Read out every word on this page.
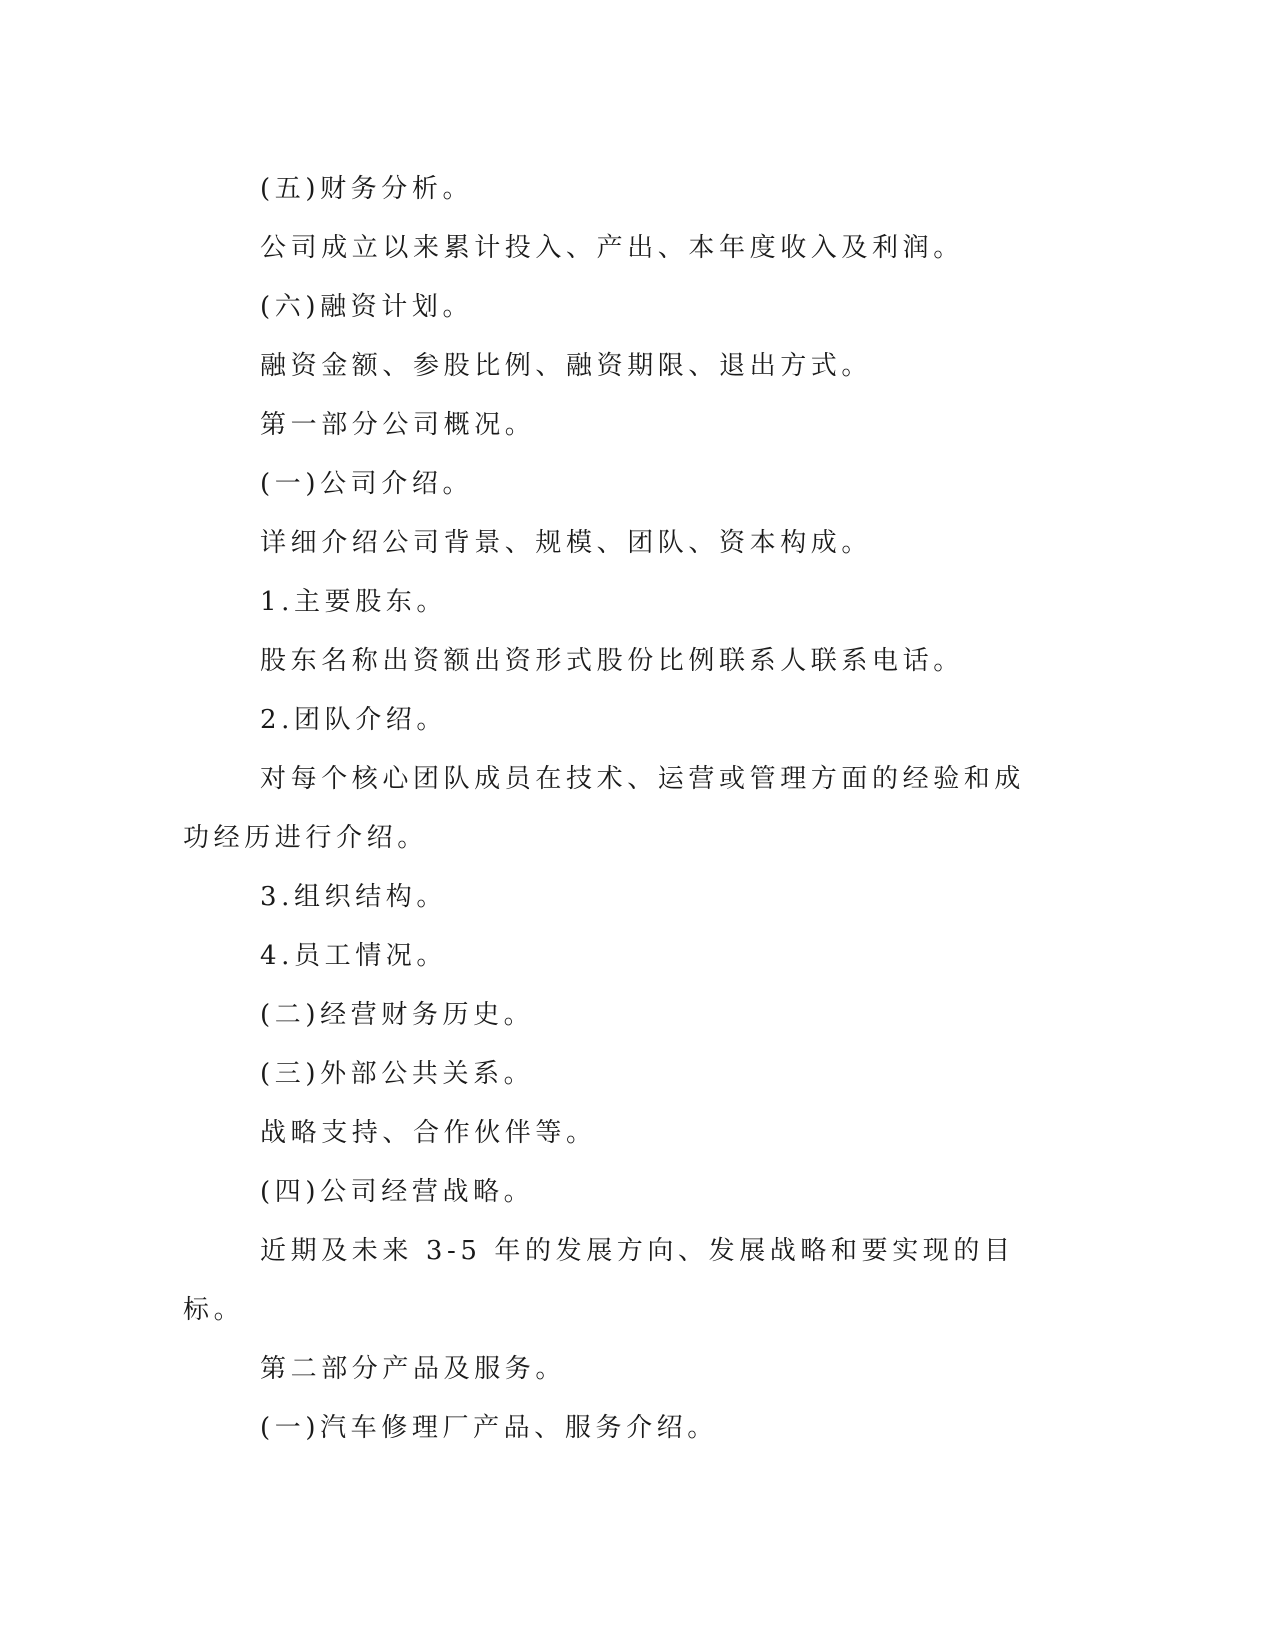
(五)财务分析。

公司成立以来累计投入、产出、本年度收入及利润。

(六)融资计划。

融资金额、参股比例、融资期限、退出方式。

第一部分公司概况。

(一)公司介绍。

详细介绍公司背景、规模、团队、资本构成。

1.主要股东。

股东名称出资额出资形式股份比例联系人联系电话。

2.团队介绍。

对每个核心团队成员在技术、运营或管理方面的经验和成功经历进行介绍。

3.组织结构。

4.员工情况。

(二)经营财务历史。

(三)外部公共关系。

战略支持、合作伙伴等。

(四)公司经营战略。

近期及未来 3-5 年的发展方向、发展战略和要实现的目标。

第二部分产品及服务。

(一)汽车修理厂产品、服务介绍。
